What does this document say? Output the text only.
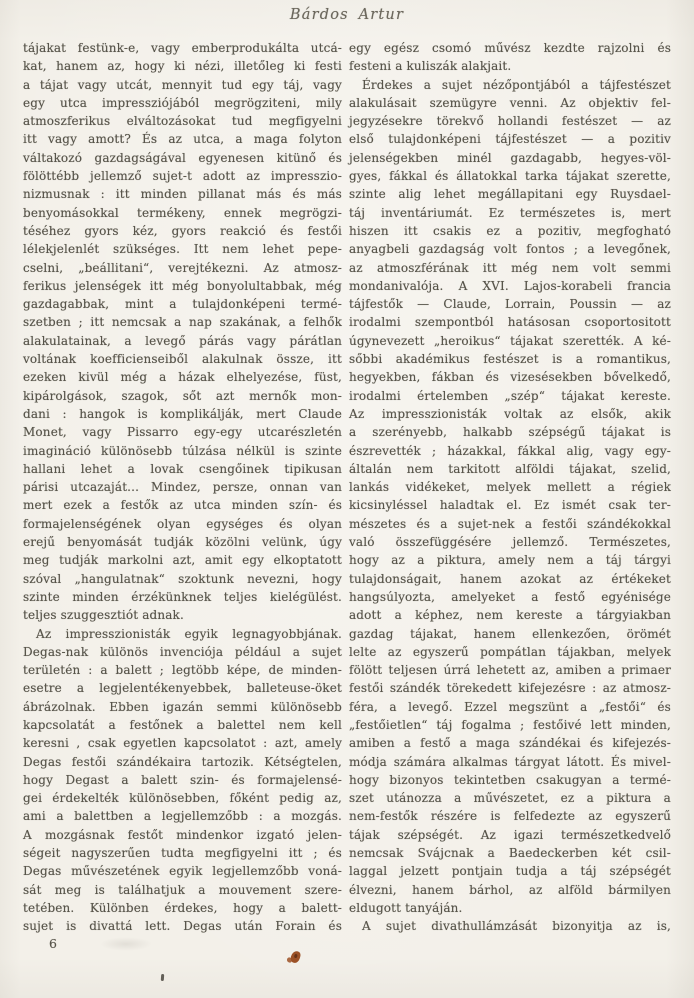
Bárdos Artur
tájakat festünk-e, vagy emberprodukálta utcá-
kat, hanem az, hogy ki nézi, illetőleg ki festi
a tájat vagy utcát, mennyit tud egy táj, vagy
egy utca impressziójából megrögziteni, mily
atmoszferikus elváltozásokat tud megfigyelni
itt vagy amott? És az utca, a maga folyton
váltakozó gazdagságával egyenesen kitünő és
fölöttébb jellemző sujet-t adott az impresszio-
nizmusnak : itt minden pillanat más és más
benyomásokkal termékeny, ennek megrögzi-
téséhez gyors kéz, gyors reakció és festői
lélekjelenlét szükséges. Itt nem lehet pepe-
cselni, „beállitani“, verejtékezni. Az atmosz-
ferikus jelenségek itt még bonyolultabbak, még
gazdagabbak, mint a tulajdonképeni termé-
szetben ; itt nemcsak a nap szakának, a felhők
alakulatainak, a levegő párás vagy párátlan
voltának koefficienseiből alakulnak össze, itt
ezeken kivül még a házak elhelyezése, füst,
kipárolgások, szagok, sőt azt mernők mon-
dani : hangok is komplikálják, mert Claude
Monet, vagy Pissarro egy-egy utcarészletén
imagináció különösebb túlzása nélkül is szinte
hallani lehet a lovak csengőinek tipikusan
párisi utcazaját... Mindez, persze, onnan van
mert ezek a festők az utca minden szín- és
formajelenségének olyan egységes és olyan
erejű benyomását tudják közölni velünk, úgy
meg tudják markolni azt, amit egy elkoptatott
szóval „hangulatnak“ szoktunk nevezni, hogy
szinte minden érzékünknek teljes kielégülést.
teljes szuggesztiót adnak.
Az impresszionisták egyik legnagyobbjának.
Degas-nak különös invenciója például a sujet
területén : a balett ; legtöbb képe, de minden-
esetre a legjelentékenyebbek, balleteuse-öket
ábrázolnak. Ebben igazán semmi különösebb
kapcsolatát a festőnek a balettel nem kell
keresni , csak egyetlen kapcsolatot : azt, amely
Degas festői szándékaira tartozik. Kétségtelen,
hogy Degast a balett szin- és formajelensé-
gei érdekelték különösebben, főként pedig az,
ami a balettben a legjellemzőbb : a mozgás.
A mozgásnak festőt mindenkor izgató jelen-
ségeit nagyszerűen tudta megfigyelni itt ; és
Degas művészetének egyik legjellemzőbb voná-
sát meg is találhatjuk a mouvement szere-
tetében. Különben érdekes, hogy a balett-
sujet is divattá lett. Degas után Forain és
egy egész csomó művész kezdte rajzolni és
festeni a kuliszák alakjait.
Érdekes a sujet nézőpontjából a tájfestészet
alakulásait szemügyre venni. Az objektiv fel-
jegyzésekre törekvő hollandi festészet — az
első tulajdonképeni tájfestészet — a pozitiv
jelenségekben minél gazdagabb, hegyes-völ-
gyes, fákkal és állatokkal tarka tájakat szerette,
szinte alig lehet megállapitani egy Ruysdael-
táj inventáriumát. Ez természetes is, mert
hiszen itt csakis ez a pozitiv, megfogható
anyagbeli gazdagság volt fontos ; a levegőnek,
az atmoszférának itt még nem volt semmi
mondanivalója. A XVI. Lajos-korabeli francia
tájfestők — Claude, Lorrain, Poussin — az
irodalmi szempontból hatásosan csoportositott
úgynevezett „heroikus“ tájakat szerették. A ké-
sőbbi akadémikus festészet is a romantikus,
hegyekben, fákban és vizesésekben bővelkedő,
irodalmi értelemben „szép“ tájakat kereste.
Az impresszionisták voltak az elsők, akik
a szerényebb, halkabb szépségű tájakat is
észrevették ; házakkal, fákkal alig, vagy egy-
általán nem tarkitott alföldi tájakat, szelid,
lankás vidékeket, melyek mellett a régiek
kicsinyléssel haladtak el. Ez ismét csak ter-
mészetes és a sujet-nek a festői szándékokkal
való összefüggésére jellemző. Természetes,
hogy az a piktura, amely nem a táj tárgyi
tulajdonságait, hanem azokat az értékeket
hangsúlyozta, amelyeket a festő egyénisége
adott a képhez, nem kereste a tárgyiakban
gazdag tájakat, hanem ellenkezően, örömét
lelte az egyszerű pompátlan tájakban, melyek
fölött teljesen úrrá lehetett az, amiben a primaer
festői szándék törekedett kifejezésre : az atmosz-
féra, a levegő. Ezzel megszünt a „festői“ és
„festőietlen“ táj fogalma ; festőivé lett minden,
amiben a festő a maga szándékai és kifejezés-
módja számára alkalmas tárgyat látott. És mivel-
hogy bizonyos tekintetben csakugyan a termé-
szet utánozza a művészetet, ez a piktura a
nem-festők részére is felfedezte az egyszerű
tájak szépségét. Az igazi természetkedvelő
nemcsak Svájcnak a Baedeckerben két csil-
laggal jelzett pontjain tudja a táj szépségét
élvezni, hanem bárhol, az alföld bármilyen
eldugott tanyáján.
A sujet divathullámzását bizonyitja az is,
6
